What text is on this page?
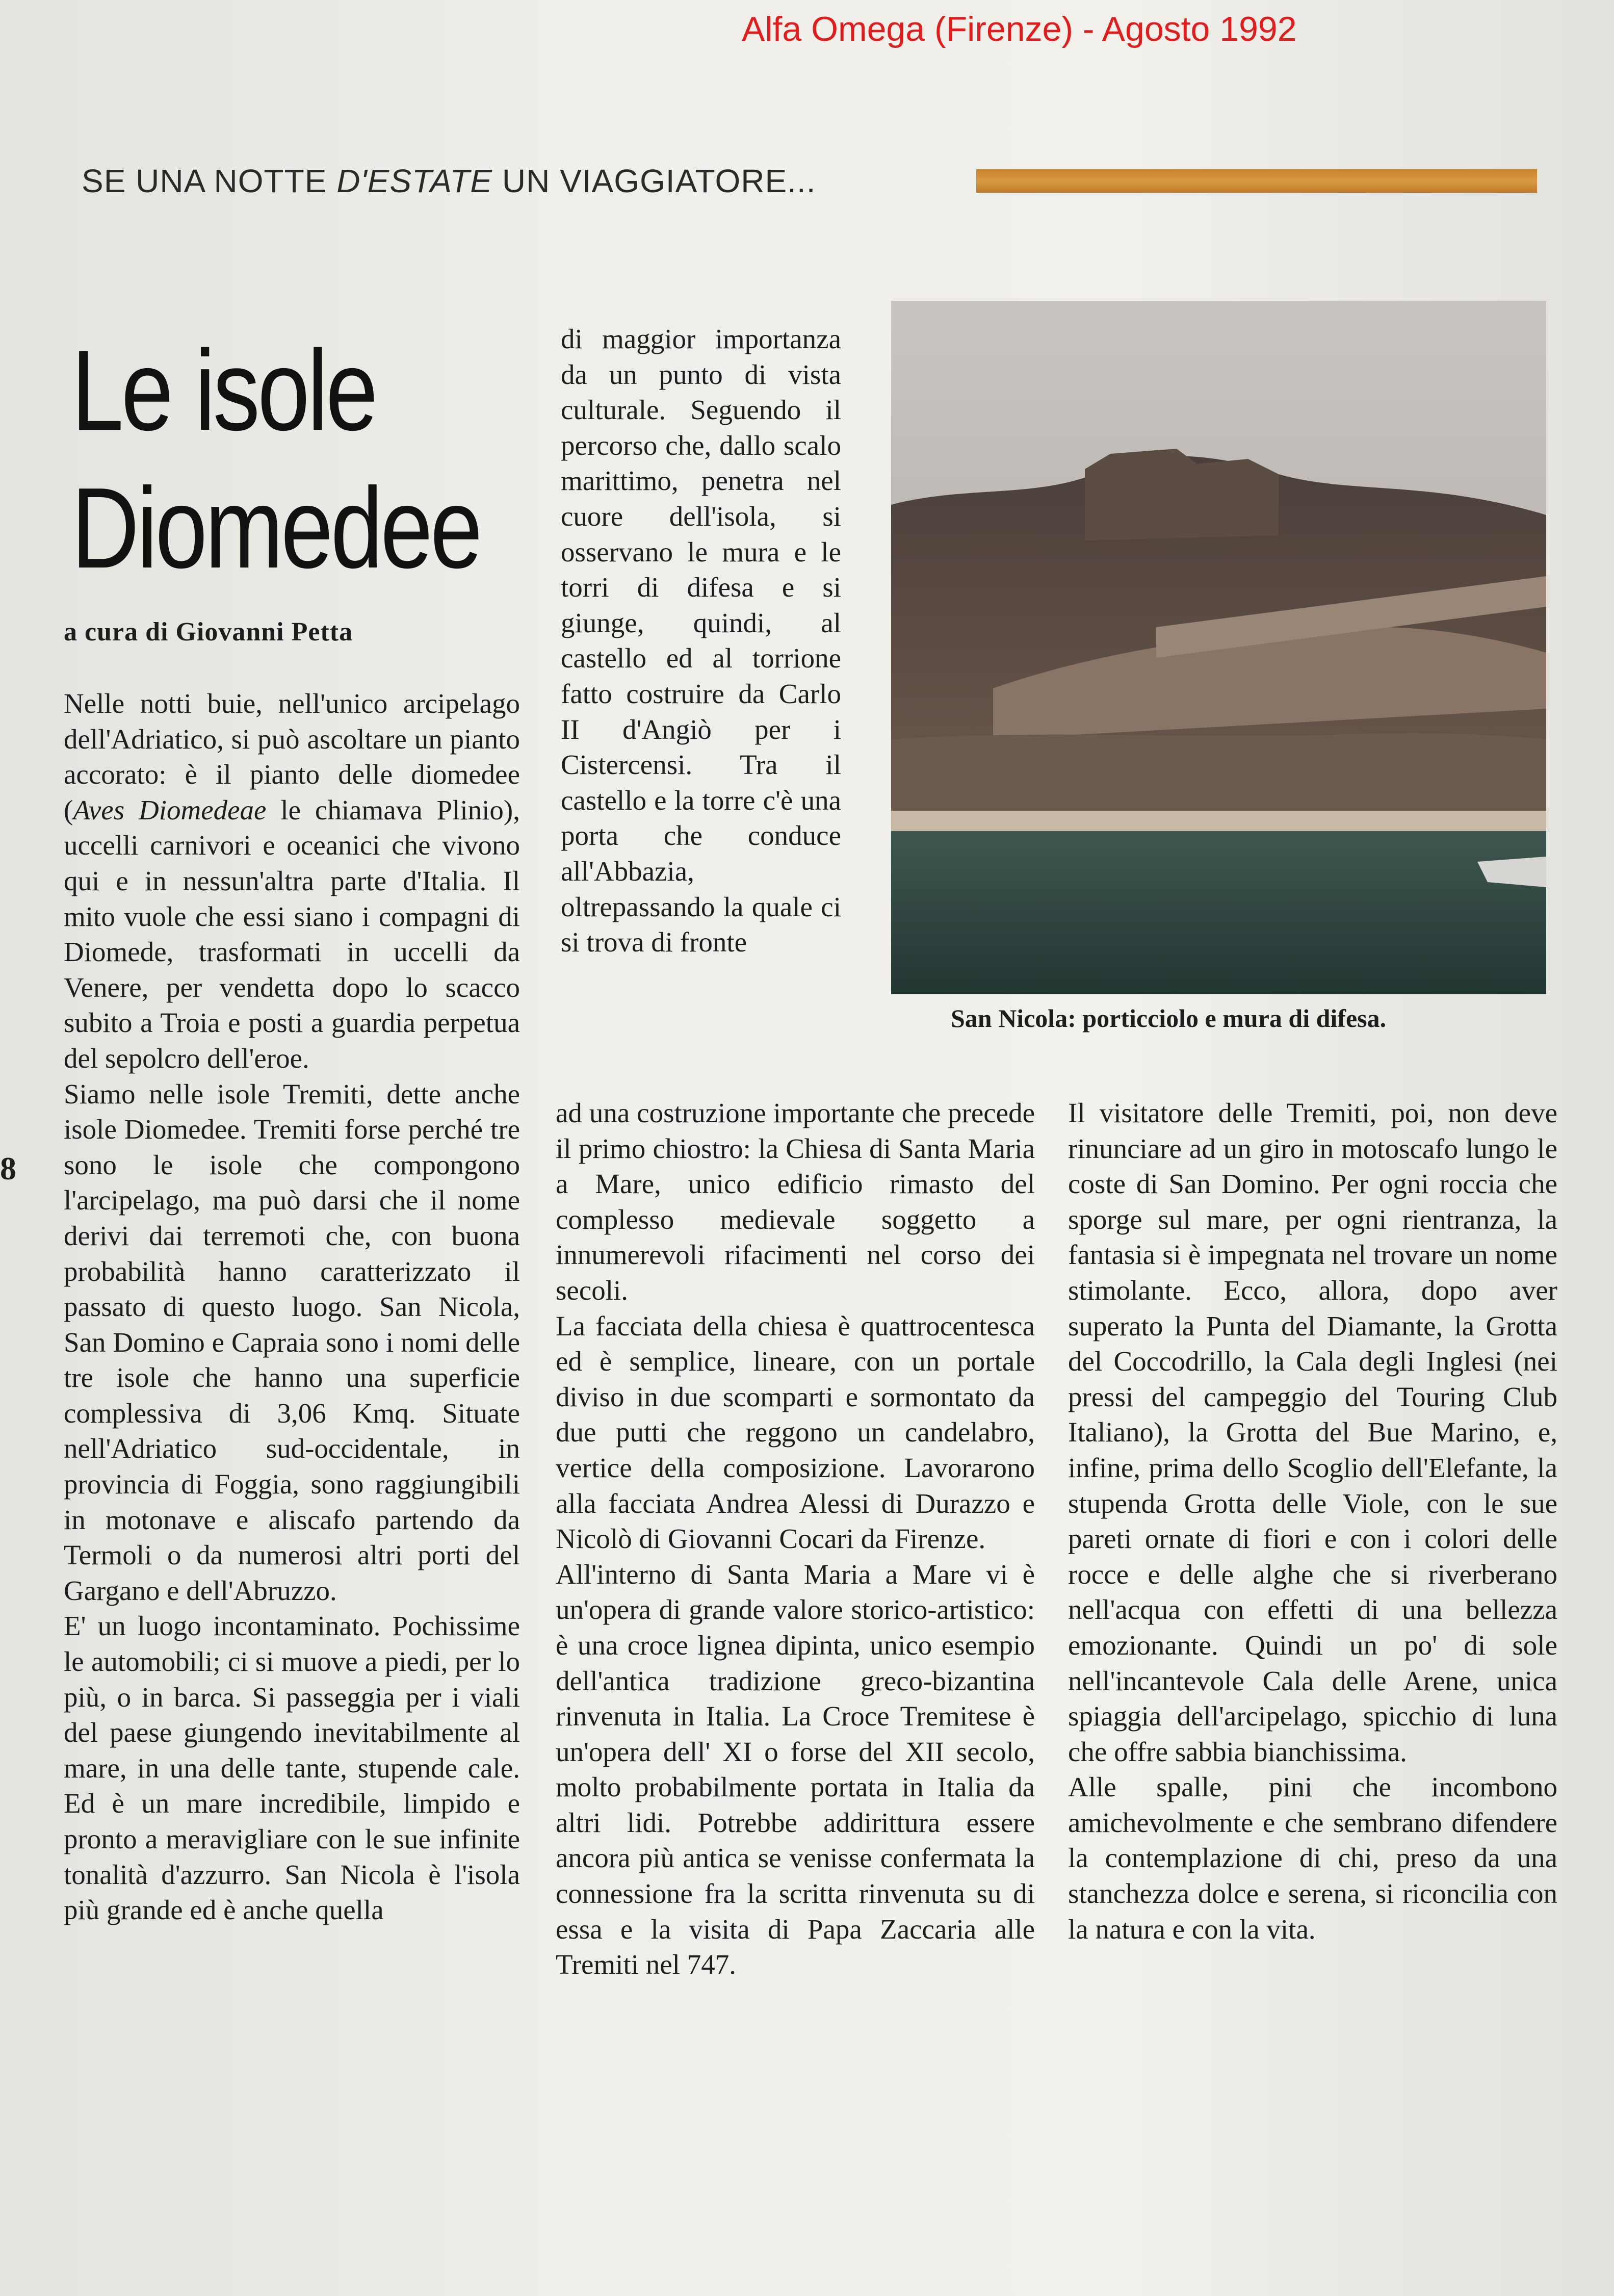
Alfa Omega (Firenze) - Agosto 1992
SE UNA NOTTE D'ESTATE UN VIAGGIATORE...
Le isole
Diomedee
a cura di Giovanni Petta
8

Nelle notti buie, nell'unico arcipelago dell'Adriatico, si può ascoltare un pianto accorato: è il pianto delle diomedee (Aves Diomedeae le chiamava Plinio), uccelli carnivori e oceanici che vivono qui e in nessun'altra parte d'Italia. Il mito vuole che essi siano i compagni di Diomede, trasformati in uccelli da Venere, per vendetta dopo lo scacco subito a Troia e posti a guardia perpetua del sepolcro dell'eroe.

Siamo nelle isole Tremiti, dette anche isole Diomedee. Tremiti forse perché tre sono le isole che compongono l'arcipelago, ma può darsi che il nome derivi dai terremoti che, con buona probabilità hanno caratterizzato il passato di questo luogo. San Nicola, San Domino e Capraia sono i nomi delle tre isole che hanno una superficie complessiva di 3,06 Kmq. Situate nell'Adriatico sud-occidentale, in provincia di Foggia, sono raggiungibili in motonave e aliscafo partendo da Termoli o da numerosi altri porti del Gargano e dell'Abruzzo.

E' un luogo incontaminato. Pochissime le automobili; ci si muove a piedi, per lo più, o in barca. Si passeggia per i viali del paese giungendo inevitabilmente al mare, in una delle tante, stupende cale. Ed è un mare incredibile, limpido e pronto a meravigliare con le sue infinite tonalità d'azzurro. San Nicola è l'isola più grande ed è anche quella

di maggior importanza da un punto di vista culturale. Seguendo il percorso che, dallo scalo marittimo, penetra nel cuore dell'isola, si osservano le mura e le torri di difesa e si giunge, quindi, al castello ed al torrione fatto costruire da Carlo II d'Angiò per i Cistercensi. Tra il castello e la torre c'è una porta che conduce all'Abbazia, oltrepassando la quale ci si trova di fronte

San Nicola: porticciolo e mura di difesa.

ad una costruzione importante che precede il primo chiostro: la Chiesa di Santa Maria a Mare, unico edificio rimasto del complesso medievale soggetto a innumerevoli rifacimenti nel corso dei secoli.

La facciata della chiesa è quattrocentesca ed è semplice, lineare, con un portale diviso in due scomparti e sormontato da due putti che reggono un candelabro, vertice della composizione. Lavorarono alla facciata Andrea Alessi di Durazzo e Nicolò di Giovanni Cocari da Firenze.

All'interno di Santa Maria a Mare vi è un'opera di grande valore storico-artistico: è una croce lignea dipinta, unico esempio dell'antica tradizione greco-bizantina rinvenuta in Italia. La Croce Tremitese è un'opera dell' XI o forse del XII secolo, molto probabilmente portata in Italia da altri lidi. Potrebbe addirittura essere ancora più antica se venisse confermata la connessione fra la scritta rinvenuta su di essa e la visita di Papa Zaccaria alle Tremiti nel 747.

Il visitatore delle Tremiti, poi, non deve rinunciare ad un giro in motoscafo lungo le coste di San Domino. Per ogni roccia che sporge sul mare, per ogni rientranza, la fantasia si è impegnata nel trovare un nome stimolante. Ecco, allora, dopo aver superato la Punta del Diamante, la Grotta del Coccodrillo, la Cala degli Inglesi (nei pressi del campeggio del Touring Club Italiano), la Grotta del Bue Marino, e, infine, prima dello Scoglio dell'Elefante, la stupenda Grotta delle Viole, con le sue pareti ornate di fiori e con i colori delle rocce e delle alghe che si riverberano nell'acqua con effetti di una bellezza emozionante. Quindi un po' di sole nell'incantevole Cala delle Arene, unica spiaggia dell'arcipelago, spicchio di luna che offre sabbia bianchissima.

Alle spalle, pini che incombono amichevolmente e che sembrano difendere la contemplazione di chi, preso da una stanchezza dolce e serena, si riconcilia con la natura e con la vita.
